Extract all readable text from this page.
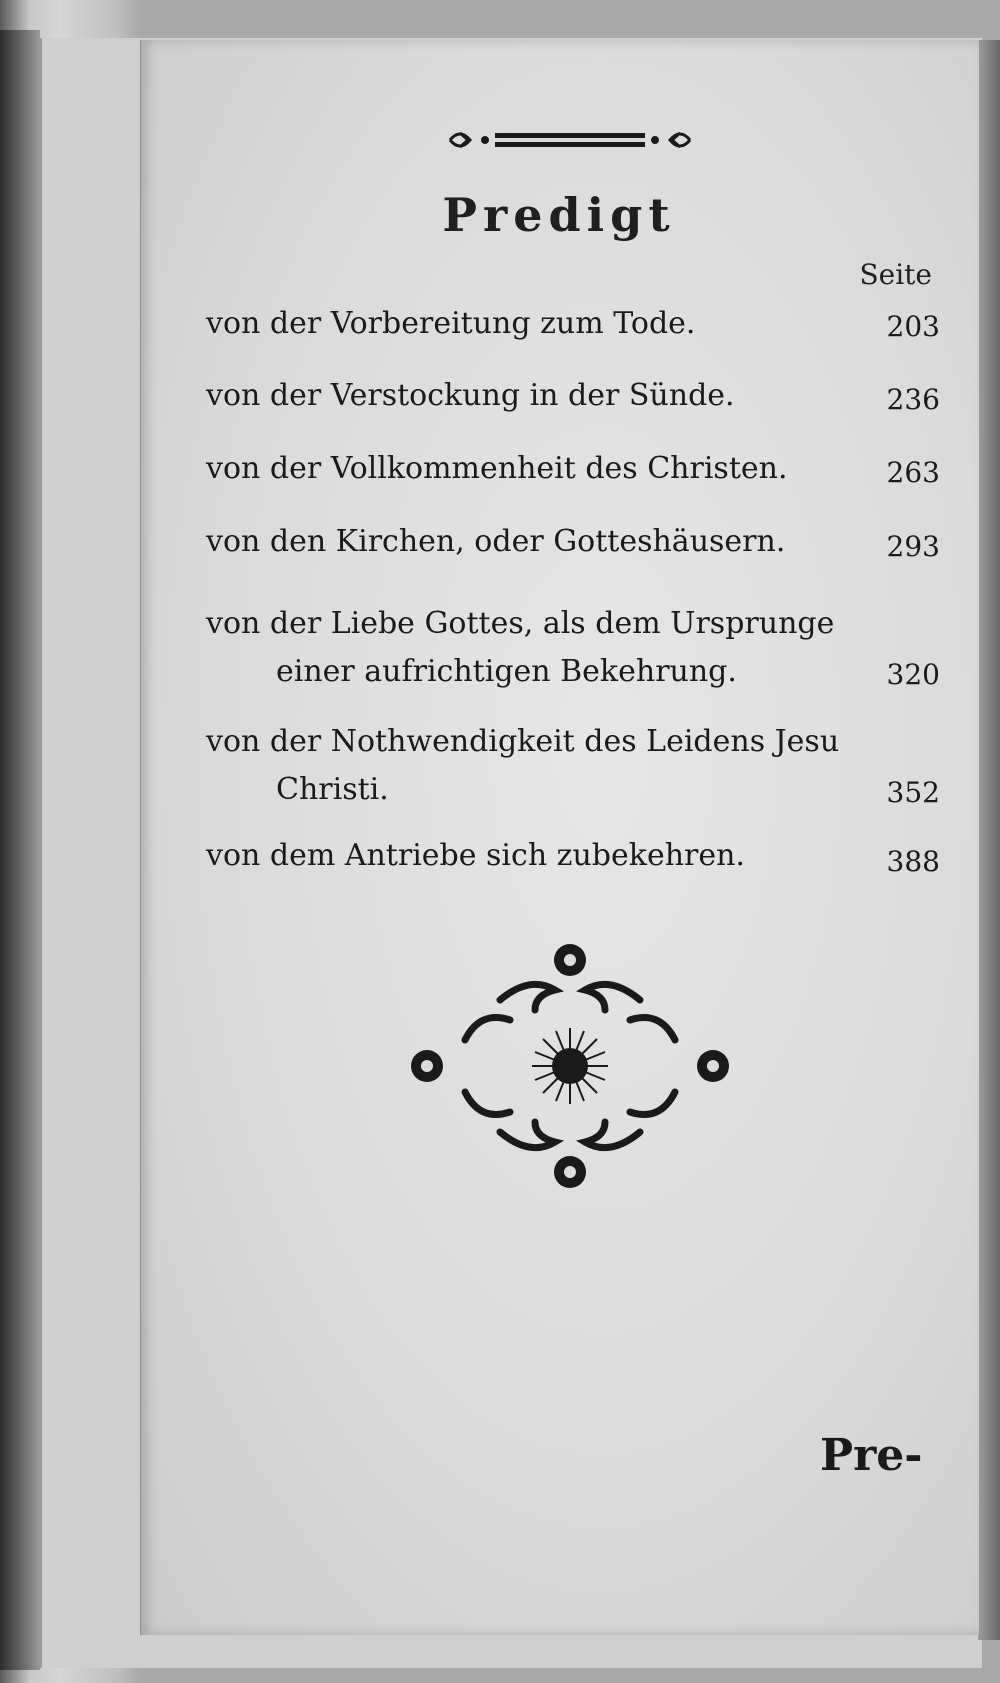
Predigt
Seite
von der Vorbereitung zum Tode.	203
von der Verstockung in der Sünde.	236
von der Vollkommenheit des Christen.	263
von den Kirchen, oder Gotteshäusern.	293
von der Liebe Gottes, als dem Ursprunge
einer aufrichtigen Bekehrung.	320
von der Nothwendigkeit des Leidens Jesu
Christi.	352
von dem Antriebe sich zubekehren.	388
Pre-
